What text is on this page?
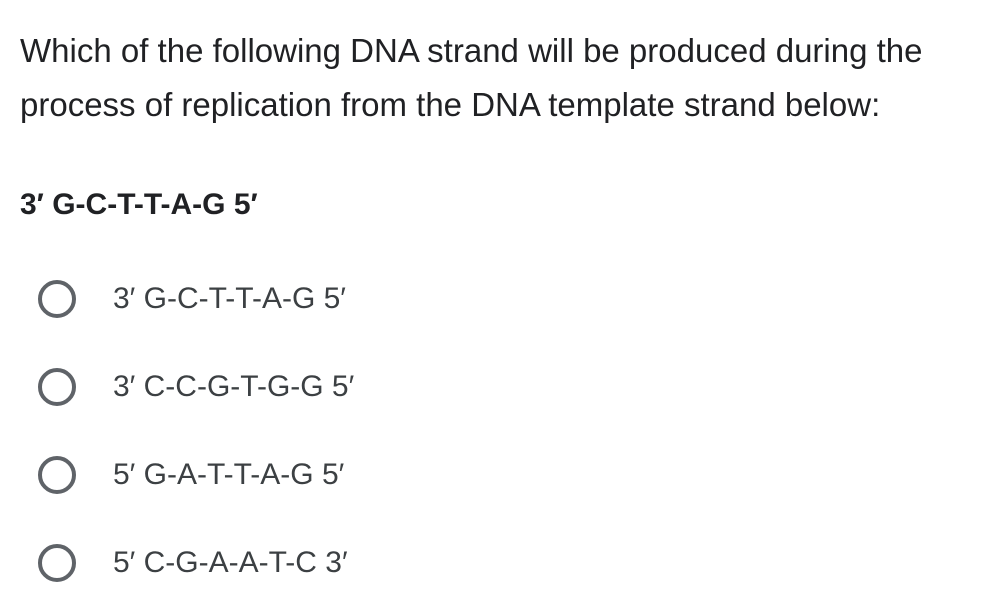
Which of the following DNA strand will be produced during the process of replication from the DNA template strand below:
3′ G-C-T-T-A-G 5′
3′ G-C-T-T-A-G 5′
3′ C-C-G-T-G-G 5′
5′ G-A-T-T-A-G 5′
5′ C-G-A-A-T-C 3′
